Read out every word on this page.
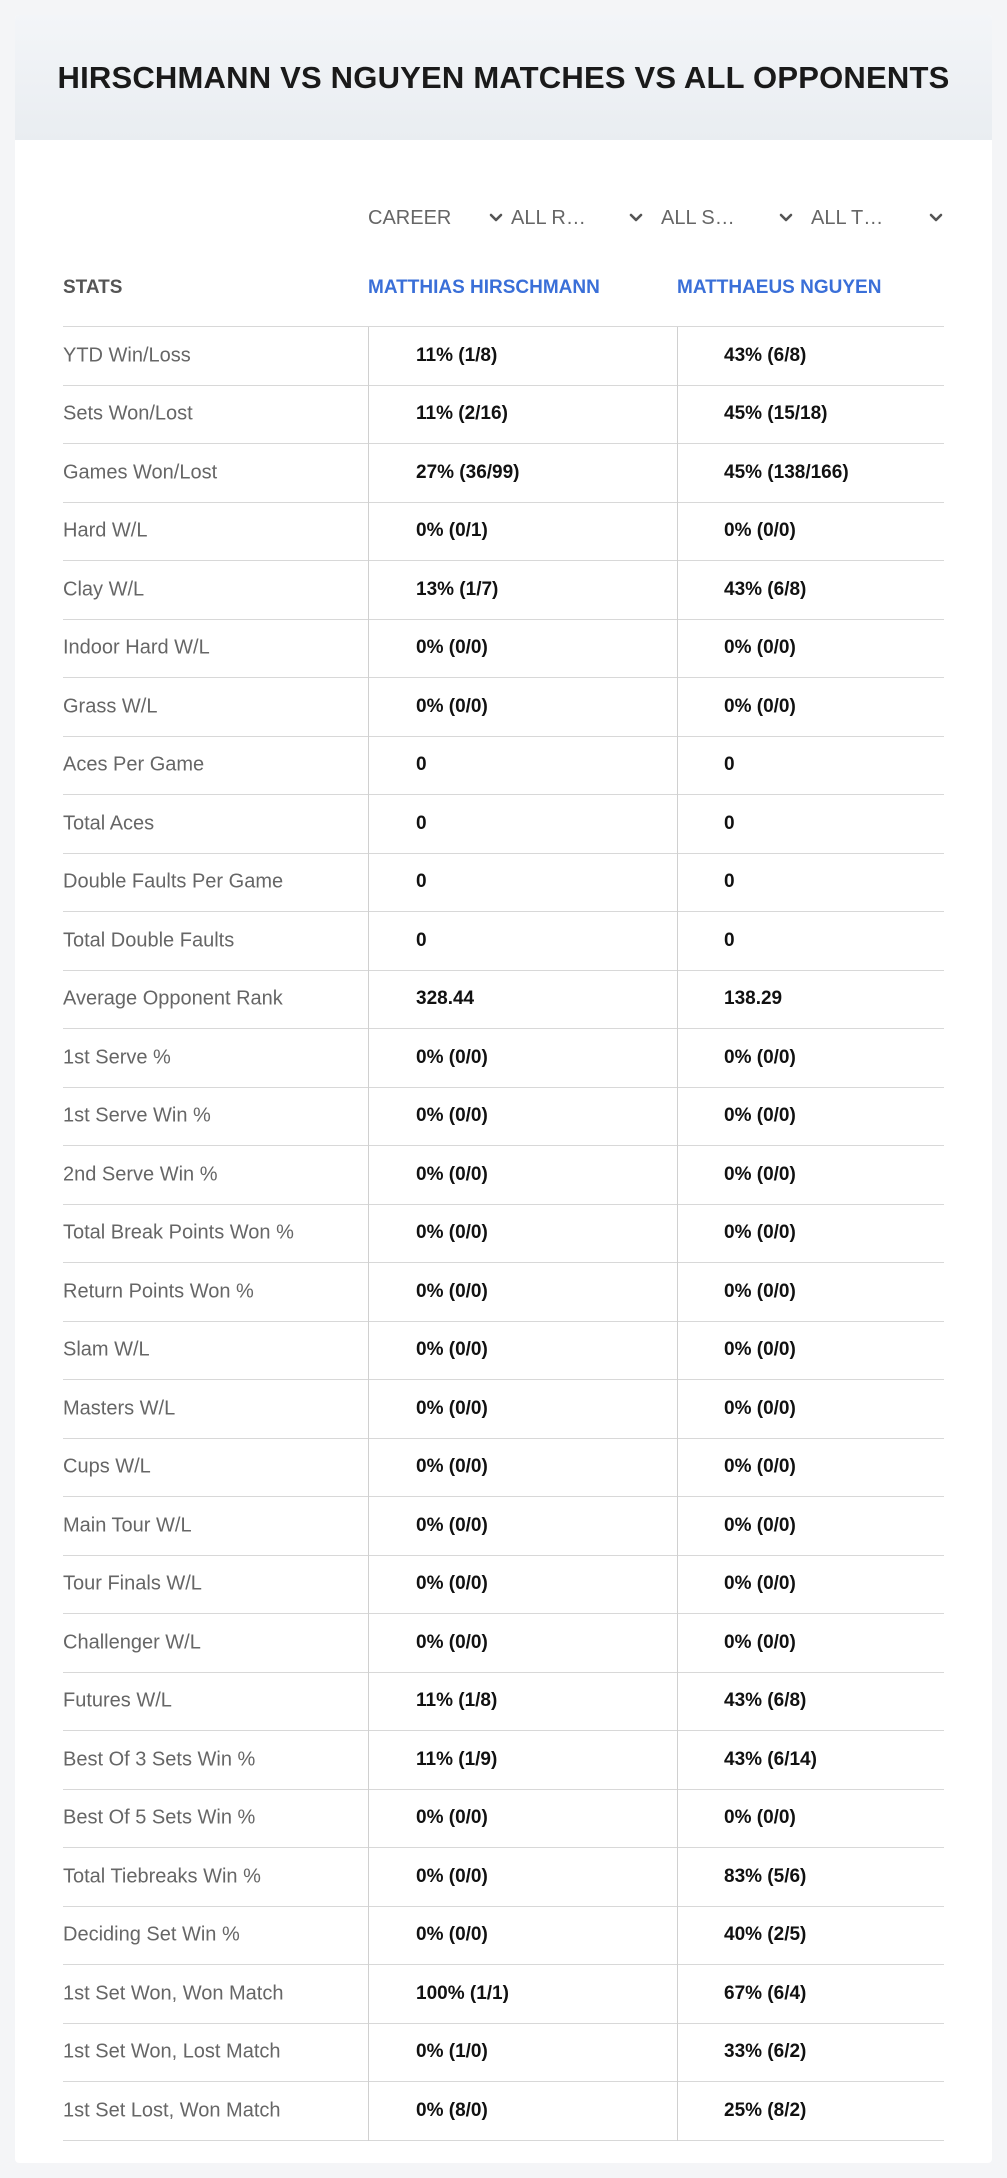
HIRSCHMANN VS NGUYEN MATCHES VS ALL OPPONENTS
CAREER	ALL R…	ALL S…	ALL T…
STATS	MATTHIAS HIRSCHMANN	MATTHAEUS NGUYEN
YTD Win/Loss	11% (1/8)	43% (6/8)
Sets Won/Lost	11% (2/16)	45% (15/18)
Games Won/Lost	27% (36/99)	45% (138/166)
Hard W/L	0% (0/1)	0% (0/0)
Clay W/L	13% (1/7)	43% (6/8)
Indoor Hard W/L	0% (0/0)	0% (0/0)
Grass W/L	0% (0/0)	0% (0/0)
Aces Per Game	0	0
Total Aces	0	0
Double Faults Per Game	0	0
Total Double Faults	0	0
Average Opponent Rank	328.44	138.29
1st Serve %	0% (0/0)	0% (0/0)
1st Serve Win %	0% (0/0)	0% (0/0)
2nd Serve Win %	0% (0/0)	0% (0/0)
Total Break Points Won %	0% (0/0)	0% (0/0)
Return Points Won %	0% (0/0)	0% (0/0)
Slam W/L	0% (0/0)	0% (0/0)
Masters W/L	0% (0/0)	0% (0/0)
Cups W/L	0% (0/0)	0% (0/0)
Main Tour W/L	0% (0/0)	0% (0/0)
Tour Finals W/L	0% (0/0)	0% (0/0)
Challenger W/L	0% (0/0)	0% (0/0)
Futures W/L	11% (1/8)	43% (6/8)
Best Of 3 Sets Win %	11% (1/9)	43% (6/14)
Best Of 5 Sets Win %	0% (0/0)	0% (0/0)
Total Tiebreaks Win %	0% (0/0)	83% (5/6)
Deciding Set Win %	0% (0/0)	40% (2/5)
1st Set Won, Won Match	100% (1/1)	67% (6/4)
1st Set Won, Lost Match	0% (1/0)	33% (6/2)
1st Set Lost, Won Match	0% (8/0)	25% (8/2)
